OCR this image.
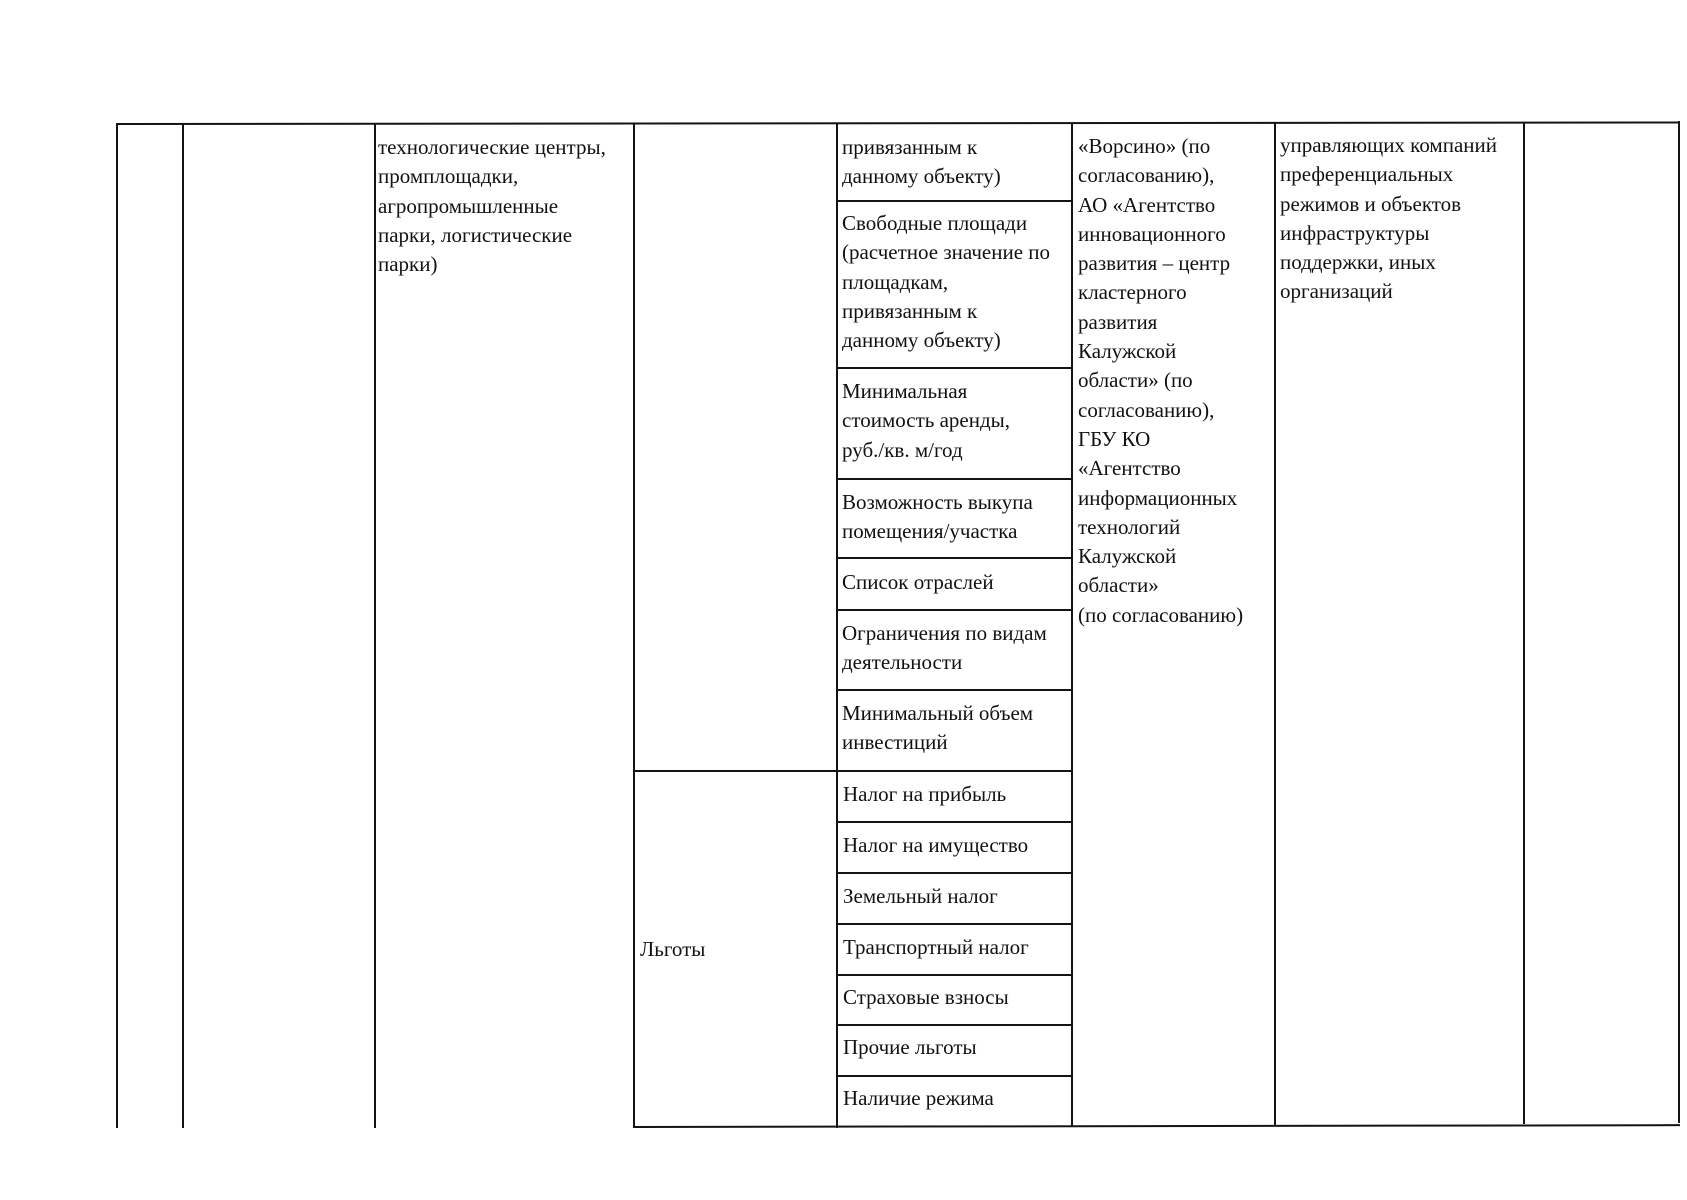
технологические центры,
промплощадки,
агропромышленные
парки, логистические
парки)
Льготы
привязанным к
данному объекту)
Свободные площади
(расчетное значение по
площадкам,
привязанным к
данному объекту)
Минимальная
стоимость аренды,
руб./кв. м/год
Возможность выкупа
помещения/участка
Список отраслей
Ограничения по видам
деятельности
Минимальный объем
инвестиций
Налог на прибыль
Налог на имущество
Земельный налог
Транспортный налог
Страховые взносы
Прочие льготы
Наличие режима
«Ворсино» (по
согласованию),
АО «Агентство
инновационного
развития – центр
кластерного
развития
Калужской
области» (по
согласованию),
ГБУ КО
«Агентство
информационных
технологий
Калужской
области»
(по согласованию)
управляющих компаний
преференциальных
режимов и объектов
инфраструктуры
поддержки, иных
организаций
